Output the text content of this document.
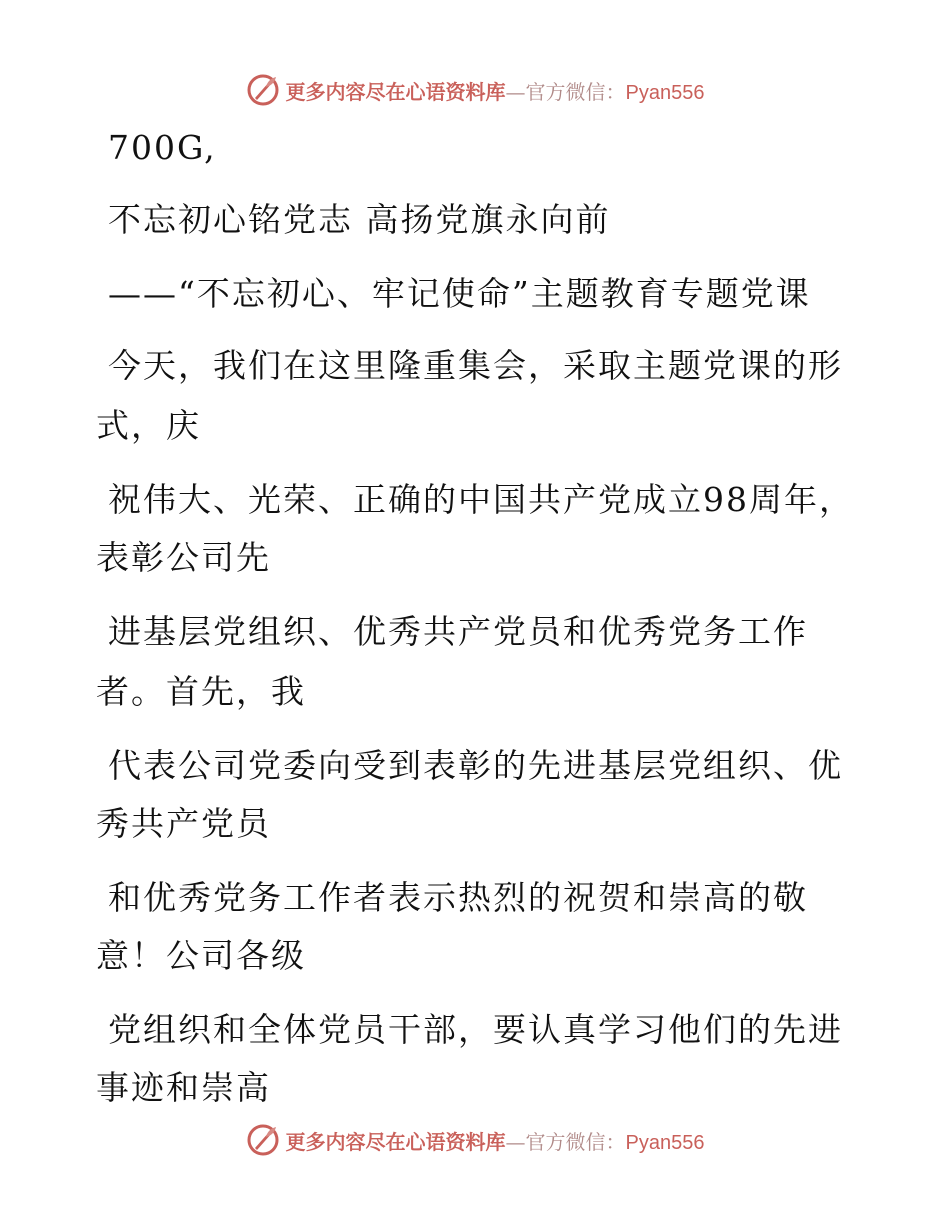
更多内容尽在心语资料库—官方微信：Pyan556
700G,
不忘初心铭党志 高扬党旗永向前
——“不忘初心、牢记使命”主题教育专题党课
今天，我们在这里隆重集会，采取主题党课的形
式，庆
祝伟大、光荣、正确的中国共产党成立98周年，
表彰公司先
进基层党组织、优秀共产党员和优秀党务工作
者。首先，我
代表公司党委向受到表彰的先进基层党组织、优
秀共产党员
和优秀党务工作者表示热烈的祝贺和崇高的敬
意！公司各级
党组织和全体党员干部，要认真学习他们的先进
事迹和崇高
更多内容尽在心语资料库—官方微信：Pyan556
